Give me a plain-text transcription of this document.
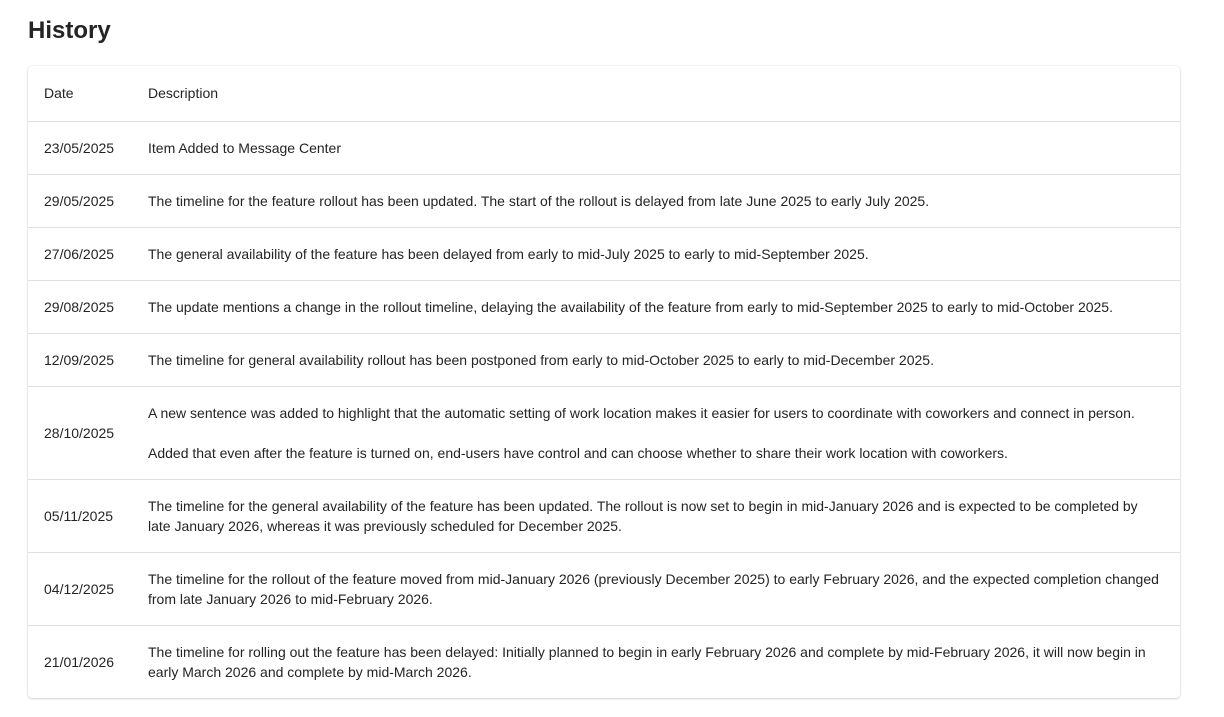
History
Date	Description
23/05/2025	Item Added to Message Center

29/05/2025	The timeline for the feature rollout has been updated. The start of the rollout is delayed from late June 2025 to early July 2025.

27/06/2025	The general availability of the feature has been delayed from early to mid-July 2025 to early to mid-September 2025.

29/08/2025	The update mentions a change in the rollout timeline, delaying the availability of the feature from early to mid-September 2025 to early to mid-October 2025.

12/09/2025	The timeline for general availability rollout has been postponed from early to mid-October 2025 to early to mid-December 2025.

28/10/2025	A new sentence was added to highlight that the automatic setting of work location makes it easier for users to coordinate with coworkers and connect in person.
Added that even after the feature is turned on, end-users have control and can choose whether to share their work location with coworkers.

05/11/2025	The timeline for the general availability of the feature has been updated. The rollout is now set to begin in mid-January 2026 and is expected to be completed by late January 2026, whereas it was previously scheduled for December 2025.

04/12/2025	The timeline for the rollout of the feature moved from mid-January 2026 (previously December 2025) to early February 2026, and the expected completion changed from late January 2026 to mid-February 2026.

21/01/2026	The timeline for rolling out the feature has been delayed: Initially planned to begin in early February 2026 and complete by mid-February 2026, it will now begin in early March 2026 and complete by mid-March 2026.
